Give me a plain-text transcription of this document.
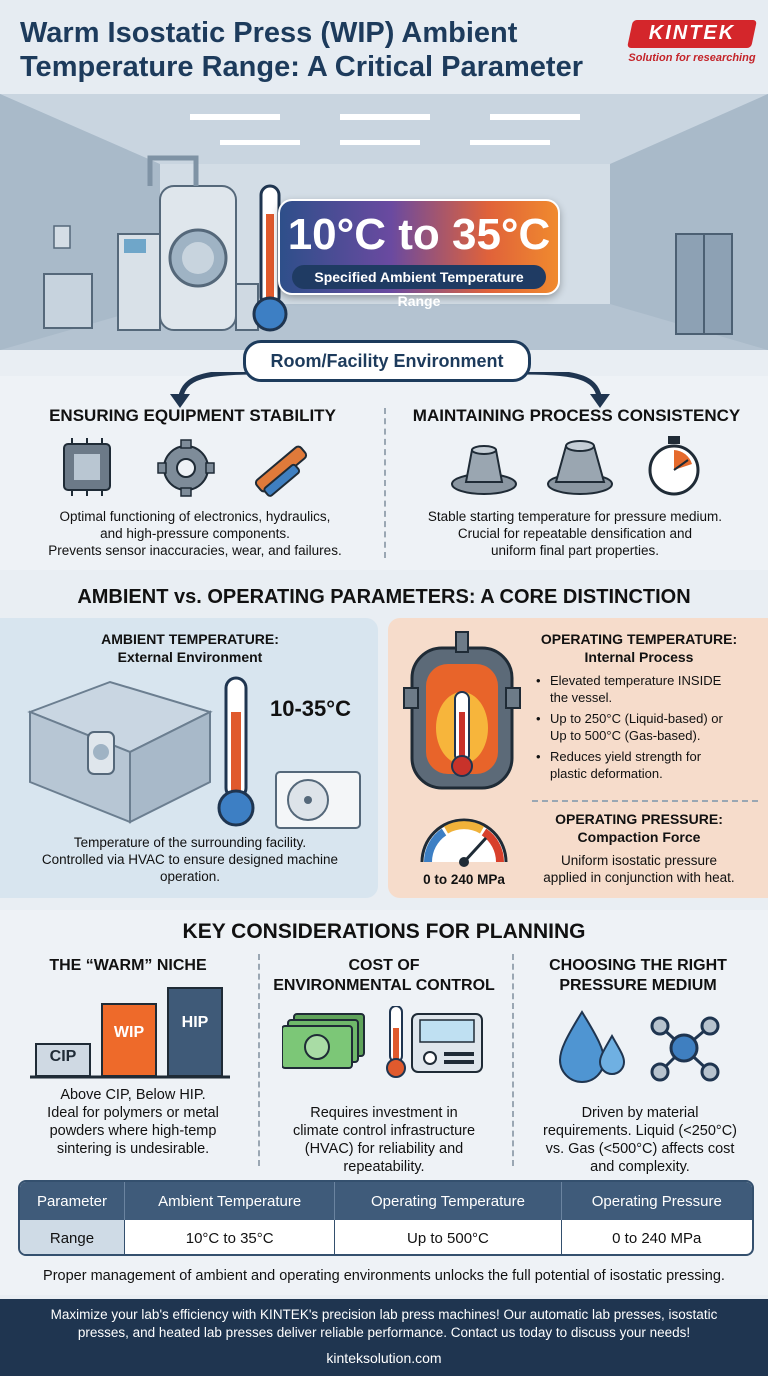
Warm Isostatic Press (WIP) Ambient
Temperature Range: A Critical Parameter
KINTEK
Solution for researching
10°C to 35°C
Specified Ambient Temperature Range
Room/Facility Environment
ENSURING EQUIPMENT STABILITY
Optimal functioning of electronics, hydraulics,
and high-pressure components.
Prevents sensor inaccuracies, wear, and failures.
MAINTAINING PROCESS CONSISTENCY
Stable starting temperature for pressure medium.
Crucial for repeatable densification and
uniform final part properties.
AMBIENT vs. OPERATING PARAMETERS: A CORE DISTINCTION
AMBIENT TEMPERATURE:
External Environment
10-35°C
Temperature of the surrounding facility.
Controlled via HVAC to ensure designed machine
operation.
OPERATING TEMPERATURE:
Internal Process
• Elevated temperature INSIDE
the vessel.
• Up to 250°C (Liquid-based) or
Up to 500°C (Gas-based).
• Reduces yield strength for
plastic deformation.
OPERATING PRESSURE:
Compaction Force
0 to 240 MPa
Uniform isostatic pressure
applied in conjunction with heat.
KEY CONSIDERATIONS FOR PLANNING
THE “WARM” NICHE
CIP
WIP
HIP
Above CIP, Below HIP.
Ideal for polymers or metal
powders where high-temp
sintering is undesirable.
COST OF
ENVIRONMENTAL CONTROL
Requires investment in
climate control infrastructure
(HVAC) for reliability and
repeatability.
CHOOSING THE RIGHT
PRESSURE MEDIUM
Driven by material
requirements. Liquid (<250°C)
vs. Gas (<500°C) affects cost
and complexity.
Parameter	Ambient Temperature	Operating Temperature	Operating Pressure
Range	10°C to 35°C	Up to 500°C	0 to 240 MPa
Proper management of ambient and operating environments unlocks the full potential of isostatic pressing.
Maximize your lab's efficiency with KINTEK's precision lab press machines! Our automatic lab presses, isostatic
presses, and heated lab presses deliver reliable performance. Contact us today to discuss your needs!
kinteksolution.com
